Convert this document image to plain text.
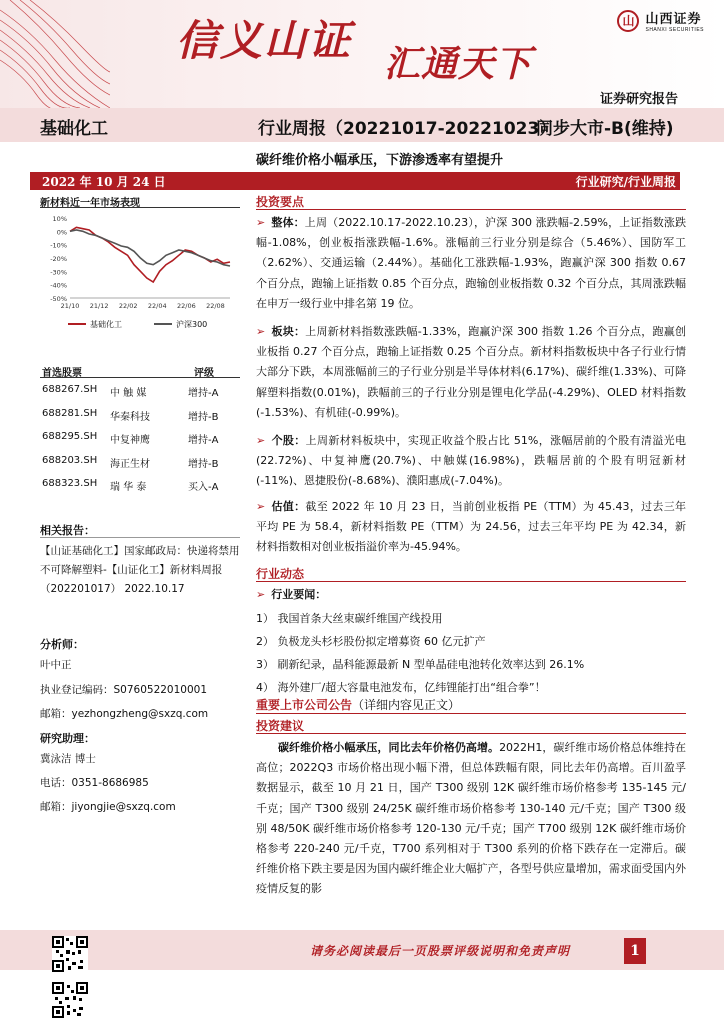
信义山证 汇通天下
山 山西证券
SHANXI SECURITIES
证券研究报告
基础化工	行业周报（20221017-20221023）
同步大市-B(维持)
碳纤维价格小幅承压，下游渗透率有望提升
2022 年 10 月 24 日	行业研究/行业周报
新材料近一年市场表现
10%
0%
-10%
-20%
-30%
-40%
-50%
21/10 21/12 22/02 22/04 22/06 22/08
基础化工	沪深300
首选股票	评级
688267.SH 中 触 媒	增持-A
688281.SH 华秦科技	增持-B
688295.SH 中复神鹰	增持-A
688203.SH 海正生材	增持-B
688323.SH 瑞 华 泰	买入-A
相关报告：
【山证基础化工】国家邮政局：快递将禁用不可降解塑料-【山证化工】新材料周报（202201017） 2022.10.17
分析师：
叶中正
执业登记编码：S0760522010001
邮箱：yezhongzheng@sxzq.com
研究助理：
冀泳洁 博士
电话：0351-8686985
邮箱：jiyongjie@sxzq.com
投资要点
➢ 整体：上周（2022.10.17-2022.10.23），沪深 300 涨跌幅-2.59%，上证指数涨跌幅-1.08%，创业板指涨跌幅-1.6%。涨幅前三行业分别是综合（5.46%）、国防军工（2.62%）、交通运输（2.44%）。基础化工涨跌幅-1.93%，跑赢沪深 300 指数 0.67 个百分点，跑输上证指数 0.85 个百分点，跑输创业板指数 0.32 个百分点，其周涨跌幅在申万一级行业中排名第 19 位。
➢ 板块：上周新材料指数涨跌幅-1.33%，跑赢沪深 300 指数 1.26 个百分点，跑赢创业板指 0.27 个百分点，跑输上证指数 0.25 个百分点。新材料指数板块中各子行业行情大部分下跌，本周涨幅前三的子行业分别是半导体材料(6.17%)、碳纤维(1.33%)、可降解塑料指数(0.01%)，跌幅前三的子行业分别是锂电化学品(-4.29%)、OLED 材料指数(-1.53%)、有机硅(-0.99%)。
➢ 个股：上周新材料板块中，实现正收益个股占比 51%，涨幅居前的个股有清溢光电(22.72%)、中复神鹰(20.7%)、中触媒(16.98%)，跌幅居前的个股有明冠新材(-11%)、恩捷股份(-8.68%)、濮阳惠成(-7.04%)。
➢ 估值：截至 2022 年 10 月 23 日，当前创业板指 PE（TTM）为 45.43，过去三年平均 PE 为 58.4，新材料指数 PE（TTM）为 24.56，过去三年平均 PE 为 42.34，新材料指数相对创业板指溢价率为-45.94%。
行业动态
➢ 行业要闻：
1） 我国首条大丝束碳纤维国产线投用
2） 负极龙头杉杉股份拟定增募资 60 亿元扩产
3） 刷新纪录，晶科能源最新 N 型单晶硅电池转化效率达到 26.1%
4） 海外建厂/超大容量电池发布，亿纬锂能打出“组合拳”！
重要上市公司公告（详细内容见正文）
投资建议
碳纤维价格小幅承压，同比去年价格仍高增。2022H1，碳纤维市场价格总体维持在高位；2022Q3 市场价格出现小幅下滑，但总体跌幅有限，同比去年仍高增。百川盈孚数据显示，截至 10 月 21 日，国产 T300 级别 12K 碳纤维市场价格参考 135-145 元/千克；国产 T300 级别 24/25K 碳纤维市场价格参考 130-140 元/千克；国产 T300 级别 48/50K 碳纤维市场价格参考 120-130 元/千克；国产 T700 级别 12K 碳纤维市场价格参考 220-240 元/千克，T700 系列相对于 T300 系列的价格下跌存在一定滞后。碳纤维价格下跌主要是因为国内碳纤维企业大幅扩产，各型号供应量增加，需求面受国内外疫情反复的影
请务必阅读最后一页股票评级说明和免责声明	1
